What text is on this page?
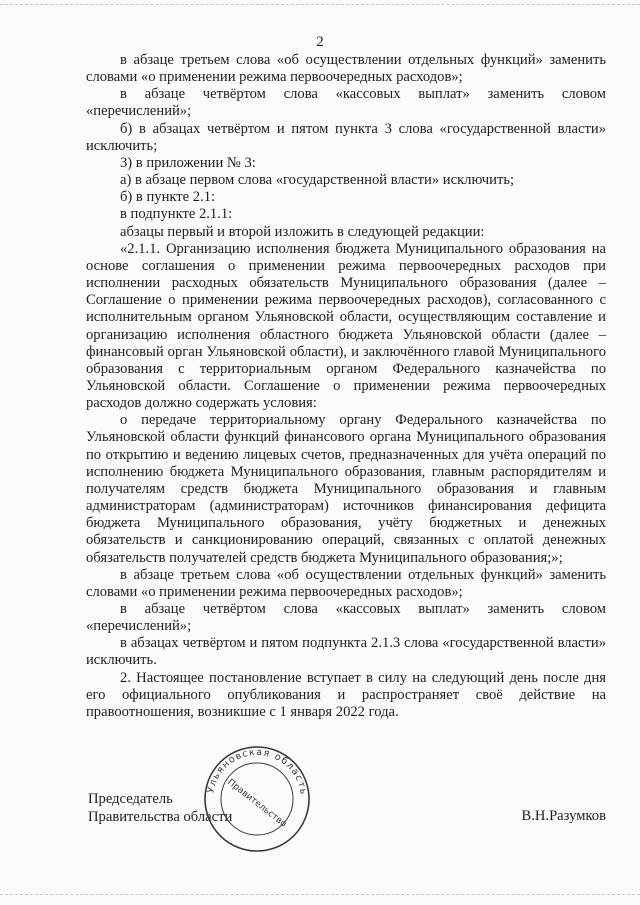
2

в абзаце третьем слова «об осуществлении отдельных функций» заменить словами «о применении режима первоочередных расходов»;

в абзаце четвёртом слова «кассовых выплат» заменить словом «перечислений»;

б) в абзацах четвёртом и пятом пункта 3 слова «государственной власти» исключить;

3) в приложении № 3:

а) в абзаце первом слова «государственной власти» исключить;

б) в пункте 2.1:

в подпункте 2.1.1:

абзацы первый и второй изложить в следующей редакции:

«2.1.1. Организацию исполнения бюджета Муниципального образования на основе соглашения о применении режима первоочередных расходов при исполнении расходных обязательств Муниципального образования (далее – Соглашение о применении режима первоочередных расходов), согласованного с исполнительным органом Ульяновской области, осуществляющим составление и организацию исполнения областного бюджета Ульяновской области (далее – финансовый орган Ульяновской области), и заключённого главой Муниципального образования с территориальным органом Федерального казначейства по Ульяновской области. Соглашение о применении режима первоочередных расходов должно содержать условия:

о передаче территориальному органу Федерального казначейства по Ульяновской области функций финансового органа Муниципального образования по открытию и ведению лицевых счетов, предназначенных для учёта операций по исполнению бюджета Муниципального образования, главным распорядителям и получателям средств бюджета Муниципального образования и главным администраторам (администраторам) источников финансирования дефицита бюджета Муниципального образования, учёту бюджетных и денежных обязательств и санкционированию операций, связанных с оплатой денежных обязательств получателей средств бюджета Муниципального образования;»;

в абзаце третьем слова «об осуществлении отдельных функций» заменить словами «о применении режима первоочередных расходов»;

в абзаце четвёртом слова «кассовых выплат» заменить словом «перечислений»;

в абзацах четвёртом и пятом подпункта 2.1.3 слова «государственной власти» исключить.

2. Настоящее постановление вступает в силу на следующий день после дня его официального опубликования и распространяет своё действие на правоотношения, возникшие с 1 января 2022 года.

Председатель
Правительства области	В.Н.Разумков
Ульяновская область
Правительство
